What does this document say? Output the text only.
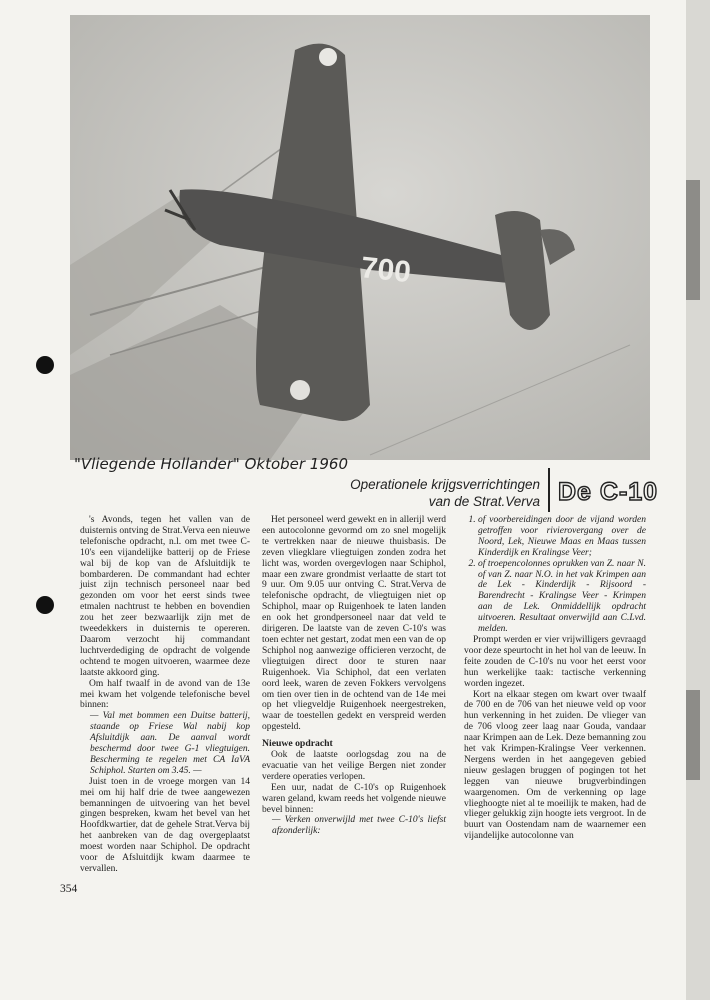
700
"Vliegende Hollander" Oktober 1960
Operationele krijgsverrichtingen
van de Strat.Verva De C-10

's Avonds, tegen het vallen van de duisternis ontving de Strat.Verva een nieuwe telefonische opdracht, n.l. om met twee C-10's een vijandelijke batterij op de Friese wal bij de kop van de Afsluitdijk te bombarderen. De commandant had echter juist zijn technisch personeel naar bed gezonden om voor het eerst sinds twee etmalen nachtrust te hebben en bovendien zou het zeer bezwaarlijk zijn met de tweedekkers in duisternis te opereren. Daarom verzocht hij commandant luchtverdediging de opdracht de volgende ochtend te mogen uitvoeren, waarmee deze laatste akkoord ging.

Om half twaalf in de avond van de 13e mei kwam het volgende telefonische bevel binnen:

— Val met bommen een Duitse batterij, staande op Friese Wal nabij kop Afsluitdijk aan. De aanval wordt beschermd door twee G-1 vliegtuigen. Bescherming te regelen met CA IaVA Schiphol. Starten om 3.45. —

Juist toen in de vroege morgen van 14 mei om hij half drie de twee aangewezen bemanningen de uitvoering van het bevel gingen bespreken, kwam het bevel van het Hoofdkwartier, dat de gehele Strat.Verva bij het aanbreken van de dag overgeplaatst moest worden naar Schiphol. De opdracht voor de Afsluitdijk kwam daarmee te vervallen.

Het personeel werd gewekt en in allerijl werd een autocolonne gevormd om zo snel mogelijk te vertrekken naar de nieuwe thuisbasis. De zeven vliegklare vliegtuigen zonden zodra het licht was, worden overgevlogen naar Schiphol, maar een zware grondmist verlaatte de start tot 9 uur. Om 9.05 uur ontving C. Strat.Verva de telefonische opdracht, de vliegtuigen niet op Schiphol, maar op Ruigenhoek te laten landen en ook het grondpersoneel naar dat veld te dirigeren. De laatste van de zeven C-10's was toen echter net gestart, zodat men een van de op Schiphol nog aanwezige officieren verzocht, de vliegtuigen direct door te sturen naar Ruigenhoek. Via Schiphol, dat een verlaten oord leek, waren de zeven Fokkers vervolgens om tien over tien in de ochtend van de 14e mei op het vliegveldje Ruigenhoek neergestreken, waar de toestellen gedekt en verspreid werden opgesteld.

Nieuwe opdracht

Ook de laatste oorlogsdag zou na de evacuatie van het veilige Bergen niet zonder verdere operaties verlopen.

Een uur, nadat de C-10's op Ruigenhoek waren geland, kwam reeds het volgende nieuwe bevel binnen:

— Verken onverwijld met twee C-10's liefst afzonderlijk:

1. of voorbereidingen door de vijand worden getroffen voor rivierovergang over de Noord, Lek, Nieuwe Maas en Maas tussen Kinderdijk en Kralingse Veer;
2. of troepencolonnes oprukken van Z. naar N. of van Z. naar N.O. in het vak Krimpen aan de Lek - Kinderdijk - Rijsoord - Barendrecht - Kralingse Veer - Krimpen aan de Lek. Onmiddellijk opdracht uitvoeren. Resultaat onverwijld aan C.Lvd. melden.

Prompt werden er vier vrijwilligers gevraagd voor deze speurtocht in het hol van de leeuw. In feite zouden de C-10's nu voor het eerst voor hun werkelijke taak: tactische verkenning worden ingezet.

Kort na elkaar stegen om kwart over twaalf de 700 en de 706 van het nieuwe veld op voor hun verkenning in het zuiden. De vlieger van de 706 vloog zeer laag naar Gouda, vandaar naar Krimpen aan de Lek. Deze bemanning zou het vak Krimpen-Kralingse Veer verkennen. Nergens werden in het aangegeven gebied nieuw geslagen bruggen of pogingen tot het leggen van nieuwe brugverbindingen waargenomen. Om de verkenning op lage vlieghoogte niet al te moeilijk te maken, had de vlieger gelukkig zijn hoogte iets vergroot. In de buurt van Oostendam nam de waarnemer een vijandelijke autocolonne van

354
